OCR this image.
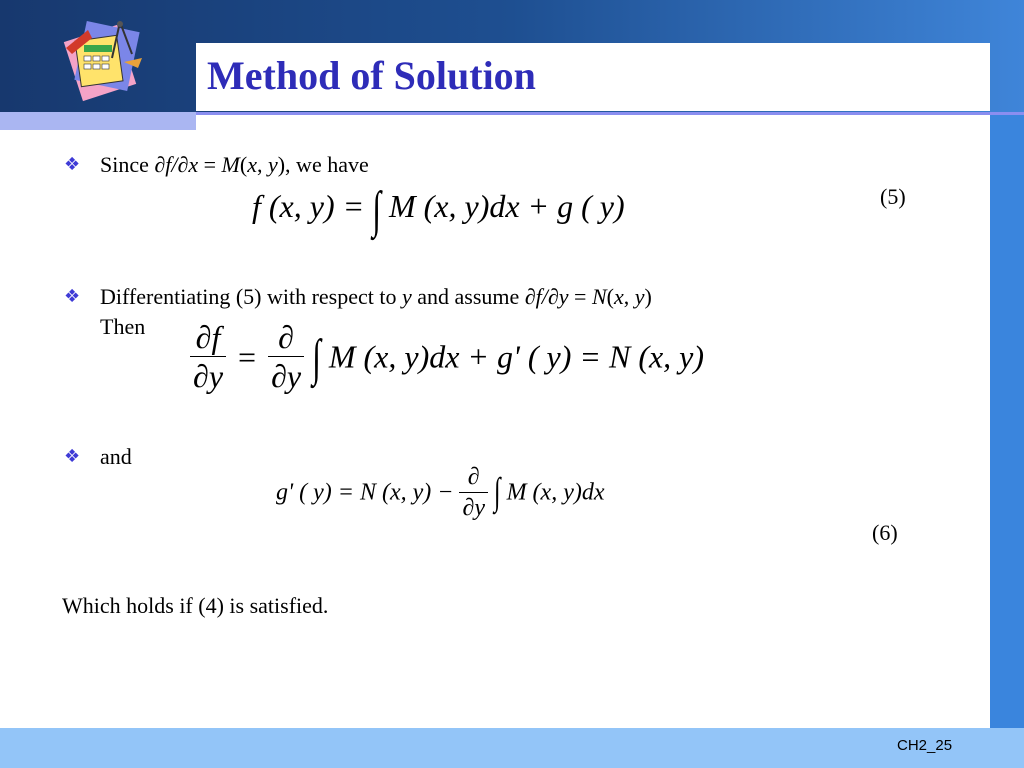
Method of Solution
❖ Since ∂f/∂x = M(x, y), we have
f (x, y) = ∫ M (x, y)dx + g ( y)	(5)
❖ Differentiating (5) with respect to y and assume ∂f/∂y = N(x, y)
Then $\frac{\partial f}{\partial y} = \frac{\partial}{\partial y}$ ∫ M (x, y)dx + g' ( y) = N (x, y)
❖ and
g' ( y) = N (x, $y) - \frac{\partial}{\partial y}$ ∫ M (x, y)dx
(6)
Which holds if (4) is satisfied.
CH2_25
